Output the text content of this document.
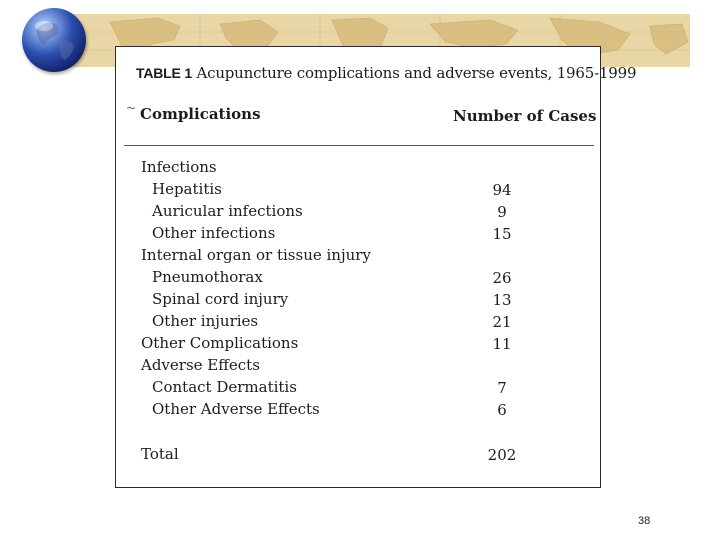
TABLE 1 Acupuncture complications and adverse events, 1965-1999
~ Complications	Number of Cases
Infections
Hepatitis	94
Auricular infections	9
Other infections	15
Internal organ or tissue injury
Pneumothorax	26
Spinal cord injury	13
Other injuries	21
Other Complications	11
Adverse Effects
Contact Dermatitis	7
Other Adverse Effects	6
Total	202
38
